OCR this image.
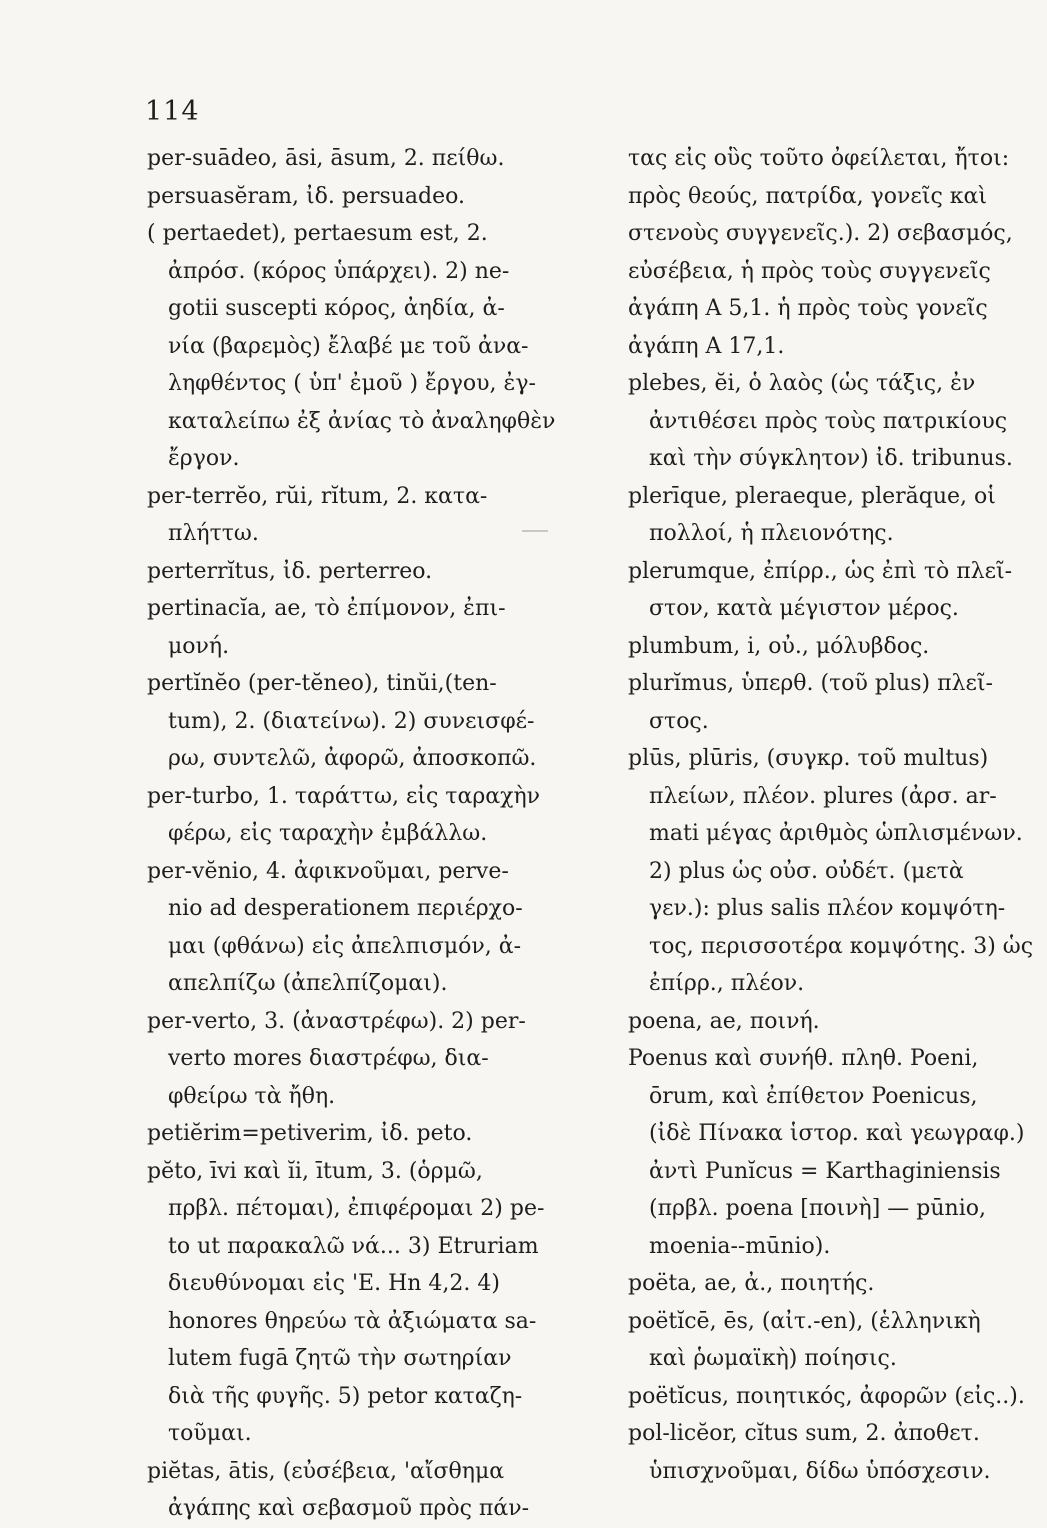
114
per-suādeo, āsi, āsum, 2. πείθω.
persuasĕram, ἰδ. persuadeo.
( pertaedet), pertaesum est, 2.
ἀπρόσ. (κόρος ὑπάρχει). 2) ne-
gotii suscepti κόρος, ἀηδία, ἀ-
νία (βαρεμὸς) ἔλαβέ με τοῦ ἀνα-
ληφθέντος ( ὑπ' ἐμοῦ ) ἔργου, ἐγ-
καταλείπω ἐξ ἀνίας τὸ ἀναληφθὲν
ἔργον.
per-terrĕo, rŭi, rĭtum, 2. κατα-
πλήττω.
perterrĭtus, ἰδ. perterreo.
pertinacĭa, ae, τὸ ἐπίμονον, ἐπι-
μονή.
pertĭnĕo (per-tĕneo), tinŭi,(ten-
tum), 2. (διατείνω). 2) συνεισφέ-
ρω, συντελῶ, ἀφορῶ, ἀποσκοπῶ.
per-turbo, 1. ταράττω, εἰς ταραχὴν
φέρω, εἰς ταραχὴν ἐμβάλλω.
per-vĕnio, 4. ἀφικνοῦμαι, perve-
nio ad desperationem περιέρχο-
μαι (φθάνω) εἰς ἀπελπισμόν, ἀ-
απελπίζω (ἀπελπίζομαι).
per-verto, 3. (ἀναστρέφω). 2) per-
verto mores διαστρέφω, δια-
φθείρω τὰ ἤθη.
petiĕrim=petiverim, ἰδ. peto.
pĕto, īvi καὶ ĭi, ītum, 3. (ὁρμῶ,
πρβλ. πέτομαι), ἐπιφέρομαι 2) pe-
to ut παρακαλῶ νά... 3) Etruriam
διευθύνομαι εἰς 'Ε. Hn 4,2. 4)
honores θηρεύω τὰ ἀξιώματα sa-
lutem fugā ζητῶ τὴν σωτηρίαν
διὰ τῆς φυγῆς. 5) petor καταζη-
τοῦμαι.
piĕtas, ātis, (εὐσέβεια, 'αἴσθημα
ἀγάπης καὶ σεβασμοῦ πρὸς πάν-
τας εἰς οὓς τοῦτο ὀφείλεται, ἤτοι:
πρὸς θεούς, πατρίδα, γονεῖς καὶ
στενοὺς συγγενεῖς.). 2) σεβασμός,
εὐσέβεια, ἡ πρὸς τοὺς συγγενεῖς
ἀγάπη A 5,1. ἡ πρὸς τοὺς γονεῖς
ἀγάπη A 17,1.
plebes, ĕi, ὁ λαὸς (ὡς τάξις, ἐν
ἀντιθέσει πρὸς τοὺς πατρικίους
καὶ τὴν σύγκλητον) ἰδ. tribunus.
plerīque, pleraeque, plerăque, οἱ
πολλοί, ἡ πλειονότης.
plerumque, ἐπίρρ., ὡς ἐπὶ τὸ πλεῖ-
στον, κατὰ μέγιστον μέρος.
plumbum, i, οὐ., μόλυβδος.
plurĭmus, ὑπερθ. (τοῦ plus) πλεῖ-
στος.
plūs, plūris, (συγκρ. τοῦ multus)
πλείων, πλέον. plures (ἀρσ. ar-
mati μέγας ἀριθμὸς ὡπλισμένων.
2) plus ὡς οὐσ. οὐδέτ. (μετὰ
γεν.): plus salis πλέον κομψότη-
τος, περισσοτέρα κομψότης. 3) ὡς
ἐπίρρ., πλέον.
poena, ae, ποινή.
Poenus καὶ συνήθ. πληθ. Poeni,
ōrum, καὶ ἐπίθετον Poenicus,
(ἰδὲ Πίνακα ἱστορ. καὶ γεωγραφ.)
ἀντὶ Punĭcus = Karthaginiensis
(πρβλ. poena [ποινὴ] — pūnio,
moenia--mūnio).
poëta, ae, ἀ., ποιητής.
poëtĭcē, ēs, (αἰτ.-en), (ἑλληνικὴ
καὶ ῥωμαϊκὴ) ποίησις.
poëtĭcus, ποιητικός, ἀφορῶν (εἰς..).
pol-licĕor, cĭtus sum, 2. ἀποθετ.
ὑπισχνοῦμαι, δίδω ὑπόσχεσιν.
